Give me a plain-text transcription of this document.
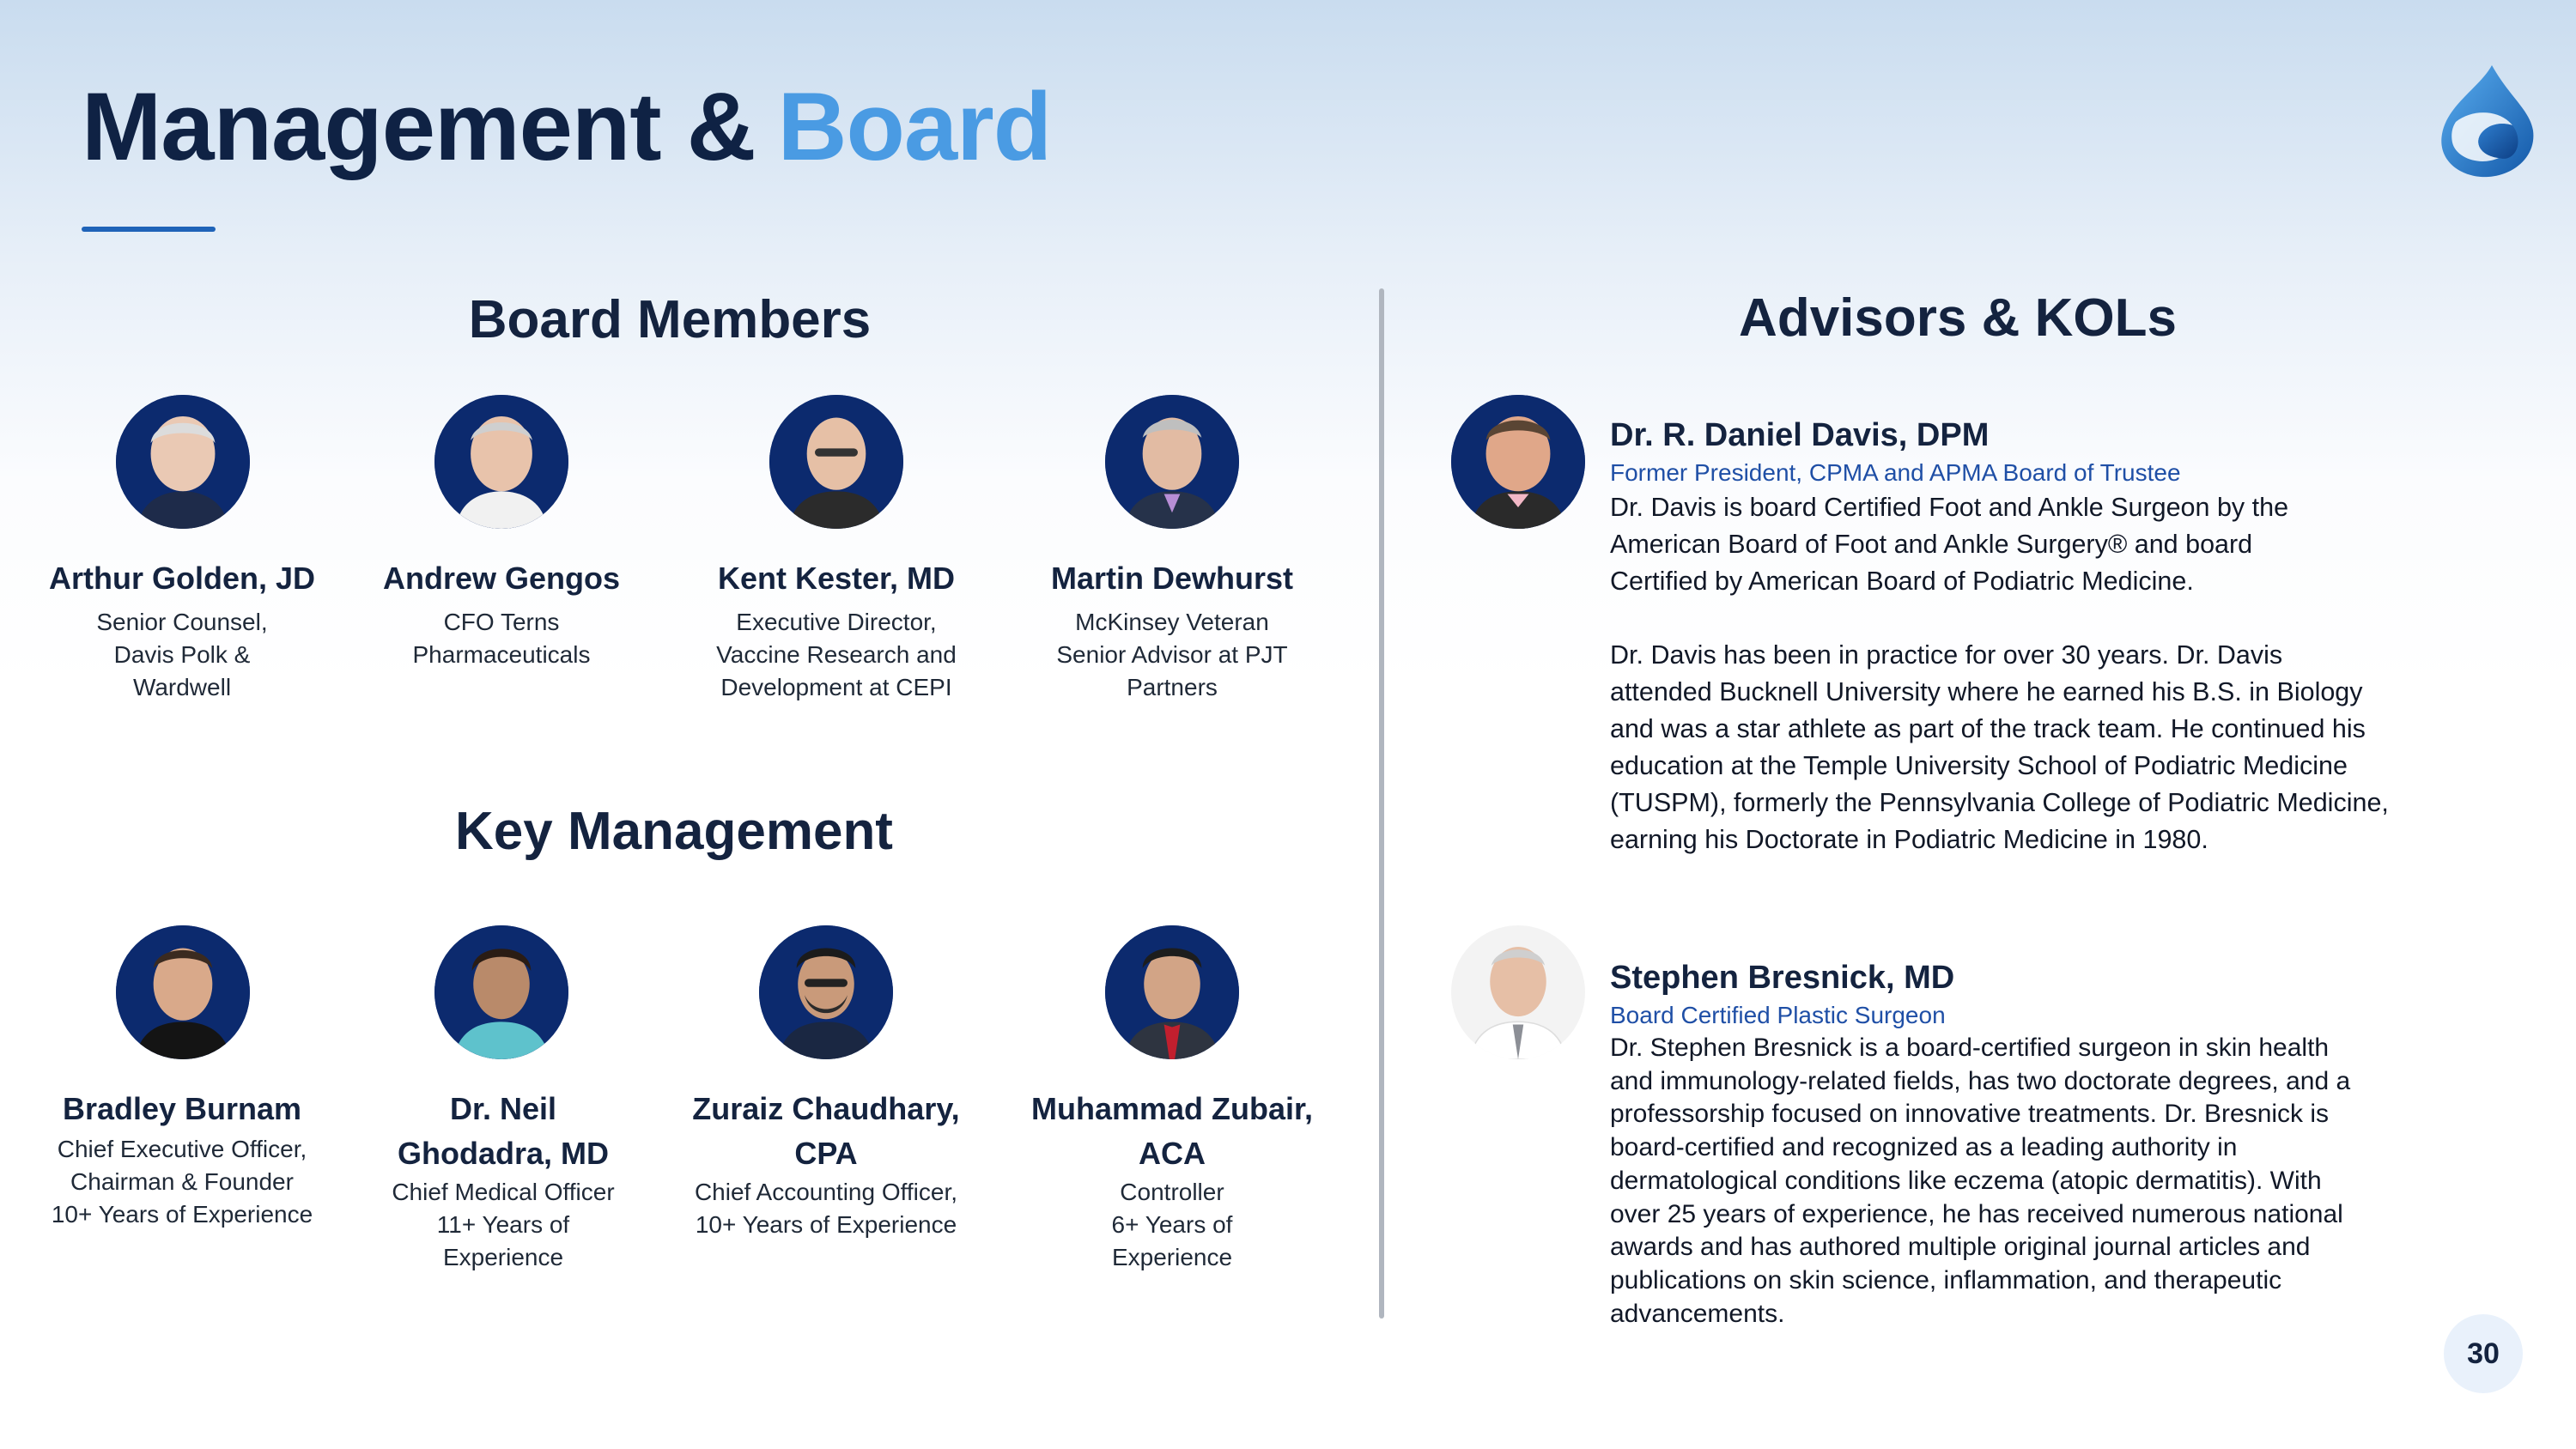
Management & Board
Board Members
Key Management
Advisors & KOLs
Arthur Golden, JD
Senior Counsel,
Davis Polk &
Wardwell
Andrew Gengos
CFO Terns
Pharmaceuticals
Kent Kester, MD
Executive Director,
Vaccine Research and
Development at CEPI
Martin Dewhurst
McKinsey Veteran
Senior Advisor at PJT
Partners
Bradley Burnam
Chief Executive Officer,
Chairman & Founder
10+ Years of Experience
Dr. Neil
Ghodadra, MD
Chief Medical Officer
11+ Years of
Experience
Zuraiz Chaudhary,
CPA
Chief Accounting Officer,
10+ Years of Experience
Muhammad Zubair,
ACA
Controller
6+ Years of
Experience
Dr. R. Daniel Davis, DPM
Former President, CPMA and APMA Board of Trustee

Dr. Davis is board Certified Foot and Ankle Surgeon by the

American Board of Foot and Ankle Surgery® and board

Certified by American Board of Podiatric Medicine.

Dr. Davis has been in practice for over 30 years. Dr. Davis

attended Bucknell University where he earned his B.S. in Biology

and was a star athlete as part of the track team. He continued his

education at the Temple University School of Podiatric Medicine

(TUSPM), formerly the Pennsylvania College of Podiatric Medicine,

earning his Doctorate in Podiatric Medicine in 1980.

Stephen Bresnick, MD
Board Certified Plastic Surgeon

Dr. Stephen Bresnick is a board-certified surgeon in skin health

and immunology-related fields, has two doctorate degrees, and a

professorship focused on innovative treatments. Dr. Bresnick is

board-certified and recognized as a leading authority in

dermatological conditions like eczema (atopic dermatitis). With

over 25 years of experience, he has received numerous national

awards and has authored multiple original journal articles and

publications on skin science, inflammation, and therapeutic

advancements.

30
